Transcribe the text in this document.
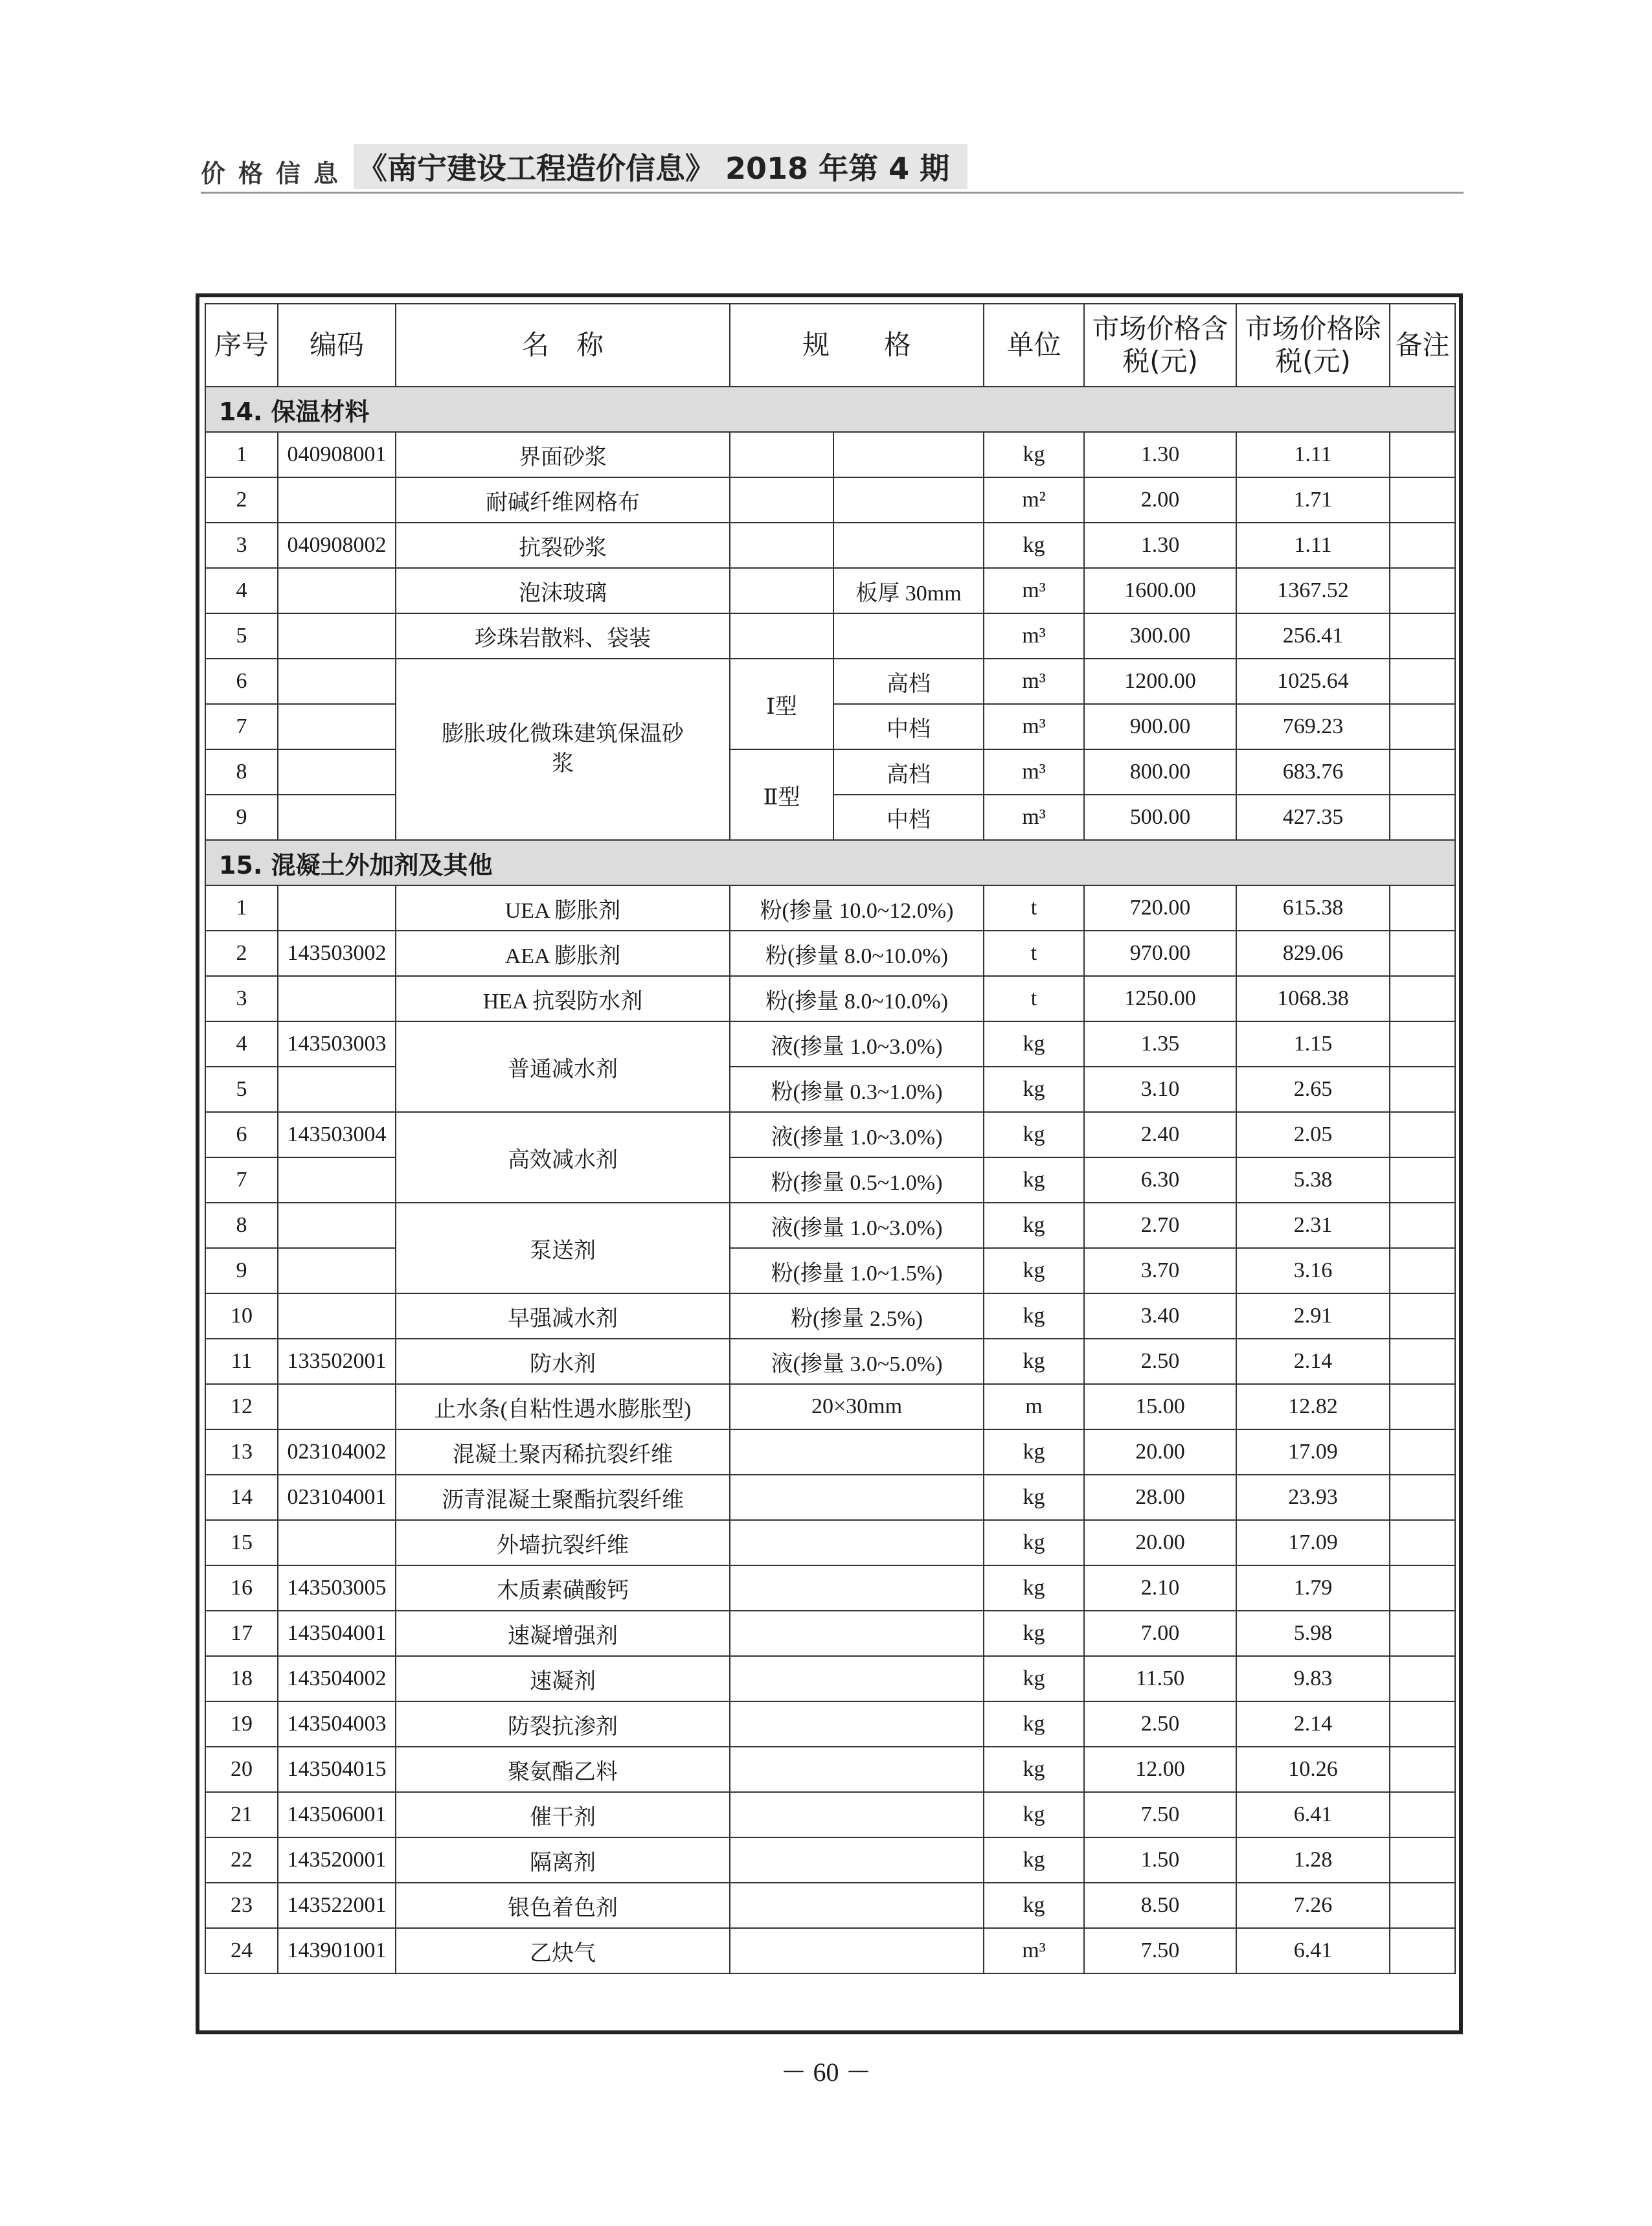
价格信息 《南宁建设工程造价信息》 2018 年第 4 期
序号	编码	名　称	规　　格		单位	市场价格含税(元)	市场价格除税(元)	备注
14. 保温材料								
1	040908001	界面砂浆			kg	1.30	1.11	
2		耐碱纤维网格布			m²	2.00	1.71	
3	040908002	抗裂砂浆			kg	1.30	1.11	
4		泡沫玻璃		板厚 30mm	m³	1600.00	1367.52	
5		珍珠岩散料、袋装			m³	300.00	256.41	
6		膨胀玻化微珠建筑保温砂浆	Ⅰ型	高档	m³	1200.00	1025.64	
7				中档	m³	900.00	769.23	
8			Ⅱ型	高档	m³	800.00	683.76	
9				中档	m³	500.00	427.35	
15. 混凝土外加剂及其他								
1		UEA 膨胀剂	粉(掺量 10.0~12.0%)		t	720.00	615.38	
2	143503002	AEA 膨胀剂	粉(掺量 8.0~10.0%)		t	970.00	829.06	
3		HEA 抗裂防水剂	粉(掺量 8.0~10.0%)		t	1250.00	1068.38	
4	143503003	普通减水剂	液(掺量 1.0~3.0%)		kg	1.35	1.15	
5			粉(掺量 0.3~1.0%)		kg	3.10	2.65	
6	143503004	高效减水剂	液(掺量 1.0~3.0%)		kg	2.40	2.05	
7			粉(掺量 0.5~1.0%)		kg	6.30	5.38	
8		泵送剂	液(掺量 1.0~3.0%)		kg	2.70	2.31	
9			粉(掺量 1.0~1.5%)		kg	3.70	3.16	
10		早强减水剂	粉(掺量 2.5%)		kg	3.40	2.91	
11	133502001	防水剂	液(掺量 3.0~5.0%)		kg	2.50	2.14	
12		止水条(自粘性遇水膨胀型)	20×30mm		m	15.00	12.82	
13	023104002	混凝土聚丙稀抗裂纤维			kg	20.00	17.09	
14	023104001	沥青混凝土聚酯抗裂纤维			kg	28.00	23.93	
15		外墙抗裂纤维			kg	20.00	17.09	
16	143503005	木质素磺酸钙			kg	2.10	1.79	
17	143504001	速凝增强剂			kg	7.00	5.98	
18	143504002	速凝剂			kg	11.50	9.83	
19	143504003	防裂抗渗剂			kg	2.50	2.14	
20	143504015	聚氨酯乙料			kg	12.00	10.26	
21	143506001	催干剂			kg	7.50	6.41	
22	143520001	隔离剂			kg	1.50	1.28	
23	143522001	银色着色剂			kg	8.50	7.26	
24	143901001	乙炔气			m³	7.50	6.41	
－ 60 －
